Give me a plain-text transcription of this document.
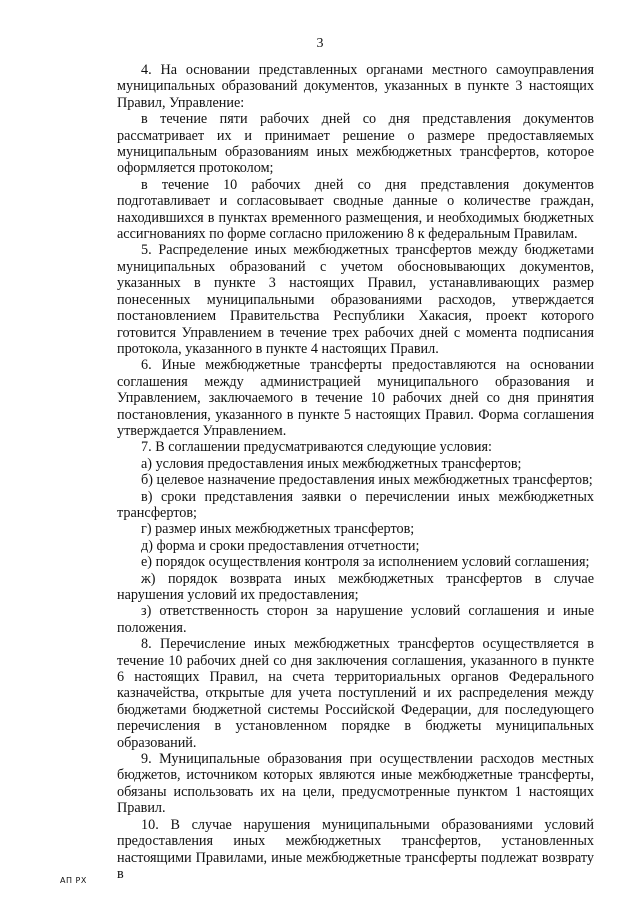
3

4. На основании представленных органами местного самоуправления муниципальных образований документов, указанных в пункте 3 настоящих Правил, Управление:

в течение пяти рабочих дней со дня представления документов рассматривает их и принимает решение о размере предоставляемых муниципальным образованиям иных межбюджетных трансфертов, которое оформляется протоколом;

в течение 10 рабочих дней со дня представления документов подготавливает и согласовывает сводные данные о количестве граждан, находившихся в пунктах временного размещения, и необходимых бюджетных ассигнованиях по форме согласно приложению 8 к федеральным Правилам.

5. Распределение иных межбюджетных трансфертов между бюджетами муниципальных образований с учетом обосновывающих документов, указанных в пункте 3 настоящих Правил, устанавливающих размер понесенных муниципальными образованиями расходов, утверждается постановлением Правительства Республики Хакасия, проект которого готовится Управлением в течение трех рабочих дней с момента подписания протокола, указанного в пункте 4 настоящих Правил.

6. Иные межбюджетные трансферты предоставляются на основании соглашения между администрацией муниципального образования и Управлением, заключаемого в течение 10 рабочих дней со дня принятия постановления, указанного в пункте 5 настоящих Правил. Форма соглашения утверждается Управлением.

7. В соглашении предусматриваются следующие условия:

а) условия предоставления иных межбюджетных трансфертов;

б) целевое назначение предоставления иных межбюджетных трансфертов;

в) сроки представления заявки о перечислении иных межбюджетных трансфертов;

г) размер иных межбюджетных трансфертов;

д) форма и сроки предоставления отчетности;

е) порядок осуществления контроля за исполнением условий соглашения;

ж) порядок возврата иных межбюджетных трансфертов в случае нарушения условий их предоставления;

з) ответственность сторон за нарушение условий соглашения и иные положения.

8. Перечисление иных межбюджетных трансфертов осуществляется в течение 10 рабочих дней со дня заключения соглашения, указанного в пункте 6 настоящих Правил, на счета территориальных органов Федерального казначейства, открытые для учета поступлений и их распределения между бюджетами бюджетной системы Российской Федерации, для последующего перечисления в установленном порядке в бюджеты муниципальных образований.

9. Муниципальные образования при осуществлении расходов местных бюджетов, источником которых являются иные межбюджетные трансферты, обязаны использовать их на цели, предусмотренные пунктом 1 настоящих Правил.

10. В случае нарушения муниципальными образованиями условий предоставления иных межбюджетных трансфертов, установленных настоящими Правилами, иные межбюджетные трансферты подлежат возврату в

АП РХ
